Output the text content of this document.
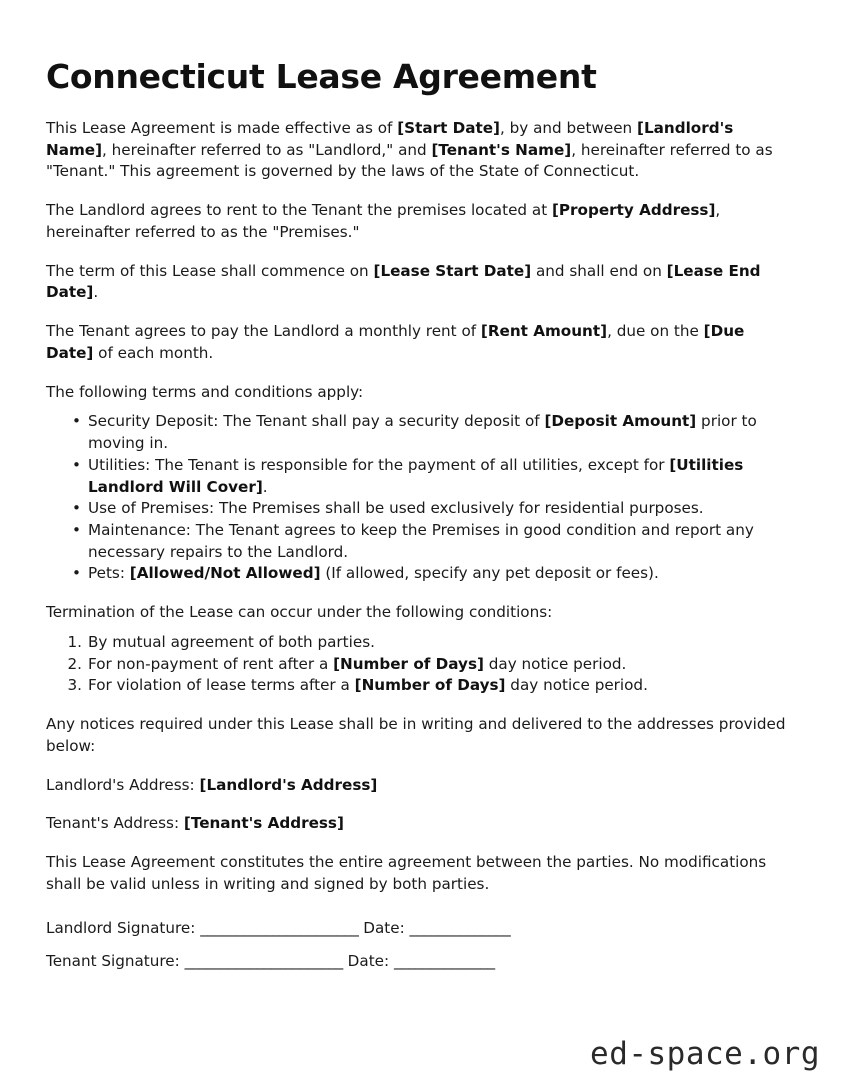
Connecticut Lease Agreement

This Lease Agreement is made effective as of [Start Date], by and between [Landlord's Name], hereinafter referred to as "Landlord," and [Tenant's Name], hereinafter referred to as "Tenant." This agreement is governed by the laws of the State of Connecticut.

The Landlord agrees to rent to the Tenant the premises located at [Property Address], hereinafter referred to as the "Premises."

The term of this Lease shall commence on [Lease Start Date] and shall end on [Lease End Date].

The Tenant agrees to pay the Landlord a monthly rent of [Rent Amount], due on the [Due Date] of each month.

The following terms and conditions apply:

• Security Deposit: The Tenant shall pay a security deposit of [Deposit Amount] prior to moving in.
• Utilities: The Tenant is responsible for the payment of all utilities, except for [Utilities Landlord Will Cover].
• Use of Premises: The Premises shall be used exclusively for residential purposes.
• Maintenance: The Tenant agrees to keep the Premises in good condition and report any necessary repairs to the Landlord.
• Pets: [Allowed/Not Allowed] (If allowed, specify any pet deposit or fees).

Termination of the Lease can occur under the following conditions:

By mutual agreement of both parties.
For non-payment of rent after a [Number of Days] day notice period.
For violation of lease terms after a [Number of Days] day notice period.

Any notices required under this Lease shall be in writing and delivered to the addresses provided below:

Landlord's Address: [Landlord's Address]

Tenant's Address: [Tenant's Address]

This Lease Agreement constitutes the entire agreement between the parties. No modifications shall be valid unless in writing and signed by both parties.

Landlord Signature: ______________________ Date: ______________

Tenant Signature: ______________________ Date: ______________

ed-space.org
